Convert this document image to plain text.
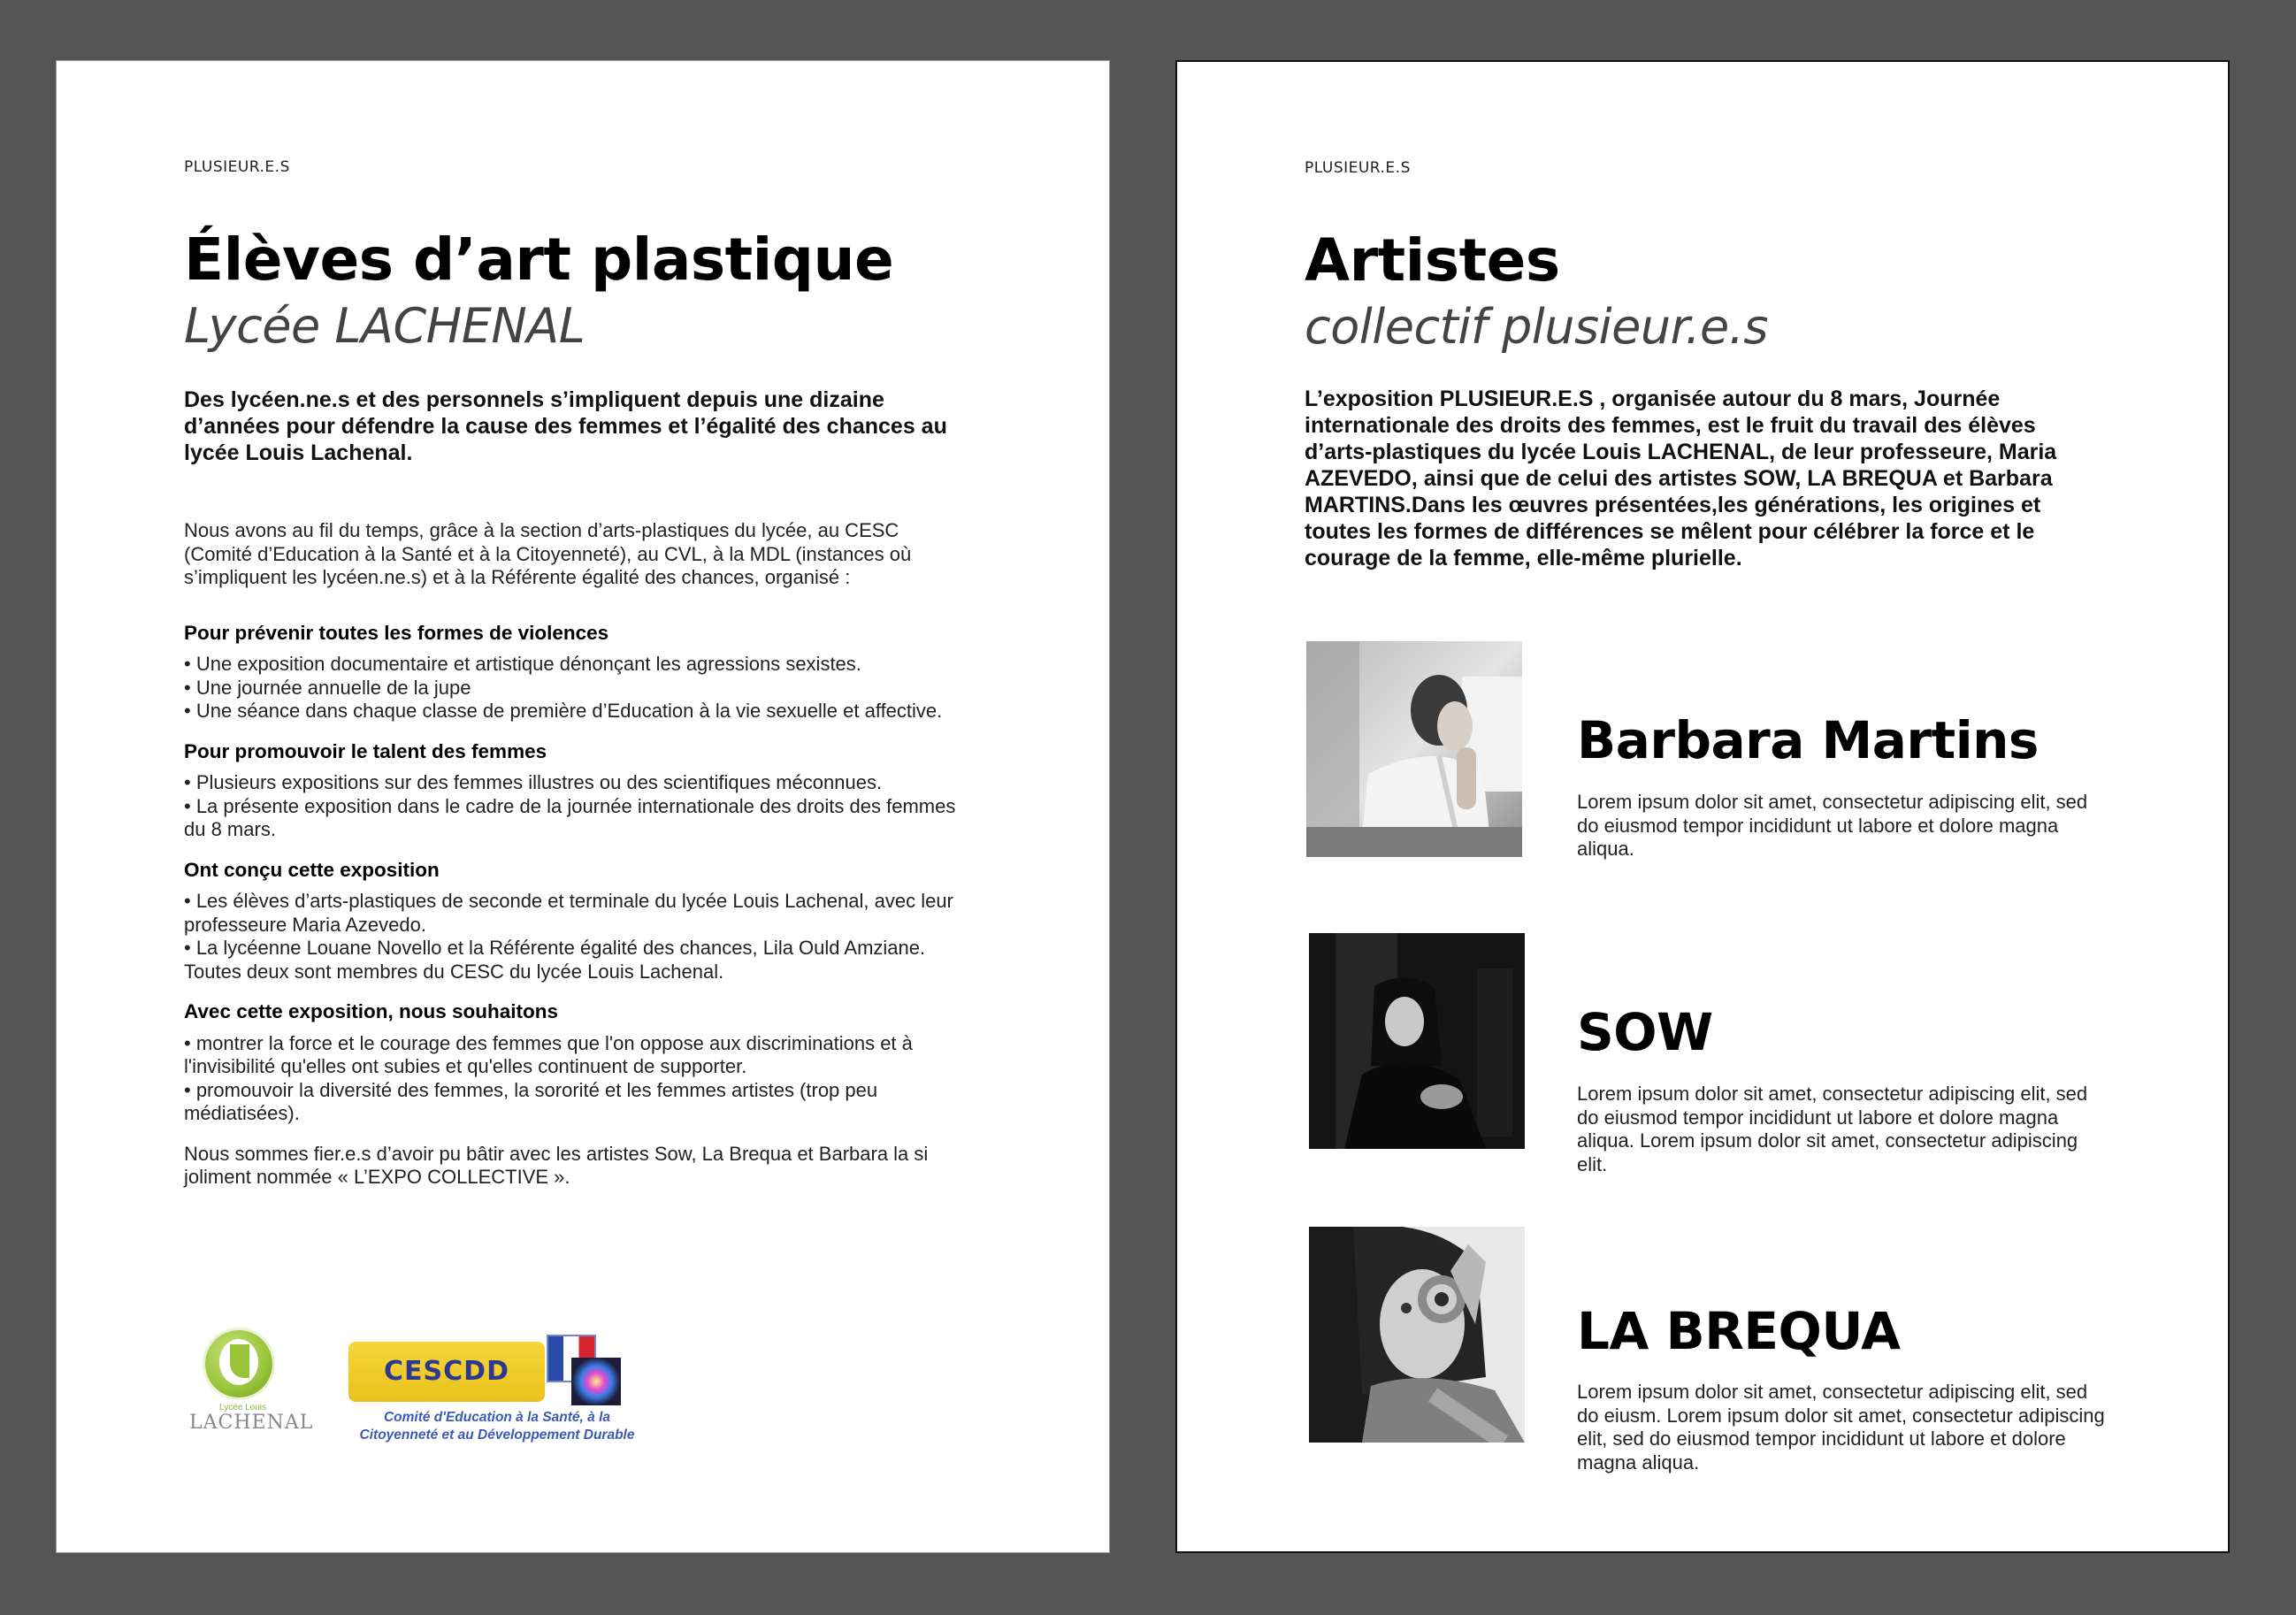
PLUSIEUR.E.S
Élèves d’art plastique
Lycée LACHENAL
Des lycéen.ne.s et des personnels s’impliquent depuis une dizaine d’années pour défendre la cause des femmes et l’égalité des chances au lycée Louis Lachenal.

Nous avons au fil du temps, grâce à la section d’arts-plastiques du lycée, au CESC (Comité d’Education à la Santé et à la Citoyenneté), au CVL, à la MDL (instances où s’impliquent les lycéen.ne.s) et à la Référente égalité des chances, organisé :

Pour prévenir toutes les formes de violences

• Une exposition documentaire et artistique dénonçant les agressions sexistes.

• Une journée annuelle de la jupe

• Une séance dans chaque classe de première d’Education à la vie sexuelle et affective.

Pour promouvoir le talent des femmes

• Plusieurs expositions sur des femmes illustres ou des scientifiques méconnues.

• La présente exposition dans le cadre de la journée internationale des droits des femmes du 8 mars.

Ont conçu cette exposition

• Les élèves d’arts-plastiques de seconde et terminale du lycée Louis Lachenal, avec leur professeure Maria Azevedo.

• La lycéenne Louane Novello et la Référente égalité des chances, Lila Ould Amziane. Toutes deux sont membres du CESC du lycée Louis Lachenal.

Avec cette exposition, nous souhaitons

• montrer la force et le courage des femmes que l'on oppose aux discriminations et à l'invisibilité qu'elles ont subies et qu'elles continuent de supporter.

• promouvoir la diversité des femmes, la sororité et les femmes artistes (trop peu médiatisées).

Nous sommes fier.e.s d’avoir pu bâtir avec les artistes Sow, La Brequa et Barbara la si joliment nommée « L’EXPO COLLECTIVE ».

Lycée Louis
LACHENAL
CESCDD
Comité d'Education à la Santé, à la
Citoyenneté et au Développement Durable
PLUSIEUR.E.S
Artistes
collectif plusieur.e.s
L’exposition PLUSIEUR.E.S , organisée autour du 8 mars, Journée internationale des droits des femmes, est le fruit du travail des élèves d’arts-plastiques du lycée Louis LACHENAL, de leur professeure, Maria AZEVEDO, ainsi que de celui des artistes SOW, LA BREQUA et Barbara MARTINS.Dans les œuvres présentées,les générations, les origines et toutes les formes de différences se mêlent pour célébrer la force et le courage de la femme, elle-même plurielle.
Barbara Martins
Lorem ipsum dolor sit amet, consectetur adipiscing elit, sed do eiusmod tempor incididunt ut labore et dolore magna aliqua.
SOW
Lorem ipsum dolor sit amet, consectetur adipiscing elit, sed do eiusmod tempor incididunt ut labore et dolore magna aliqua. Lorem ipsum dolor sit amet, consectetur adipiscing elit.
LA BREQUA
Lorem ipsum dolor sit amet, consectetur adipiscing elit, sed do eiusm. Lorem ipsum dolor sit amet, consectetur adipiscing elit, sed do eiusmod tempor incididunt ut labore et dolore magna aliqua.
